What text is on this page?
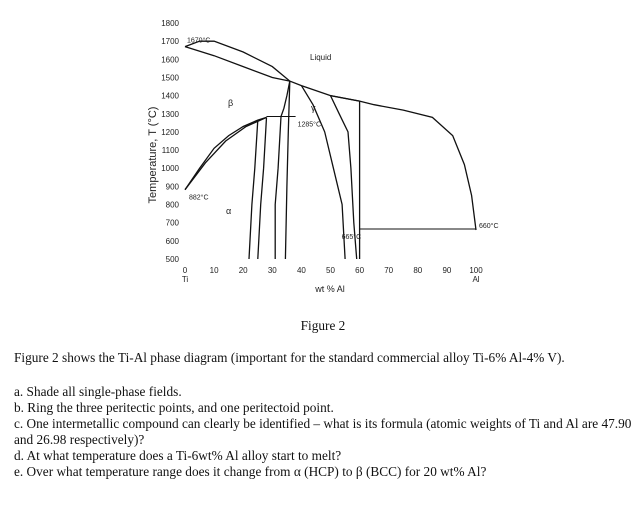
500
600
700
800
900
1000
1100
1200
1300
1400
1500
1600
1700
1800
0	10	20	30	40	50	60	70	80	90 100
1670°C
1285°C
882°C
665°C
660°C
Temperature, T (°C)
wt % Al
Ti	Al
Liquid
β	γ
α

Figure 2

Figure 2 shows the Ti-Al phase diagram (important for the standard commercial alloy Ti-6% Al-4% V).

a. Shade all single-phase fields.

b. Ring the three peritectic points, and one peritectoid point.

c. One intermetallic compound can clearly be identified – what is its formula (atomic weights of Ti and Al are 47.90 and 26.98 respectively)?

d. At what temperature does a Ti-6wt% Al alloy start to melt?

e. Over what temperature range does it change from α (HCP) to β (BCC) for 20 wt% Al?
